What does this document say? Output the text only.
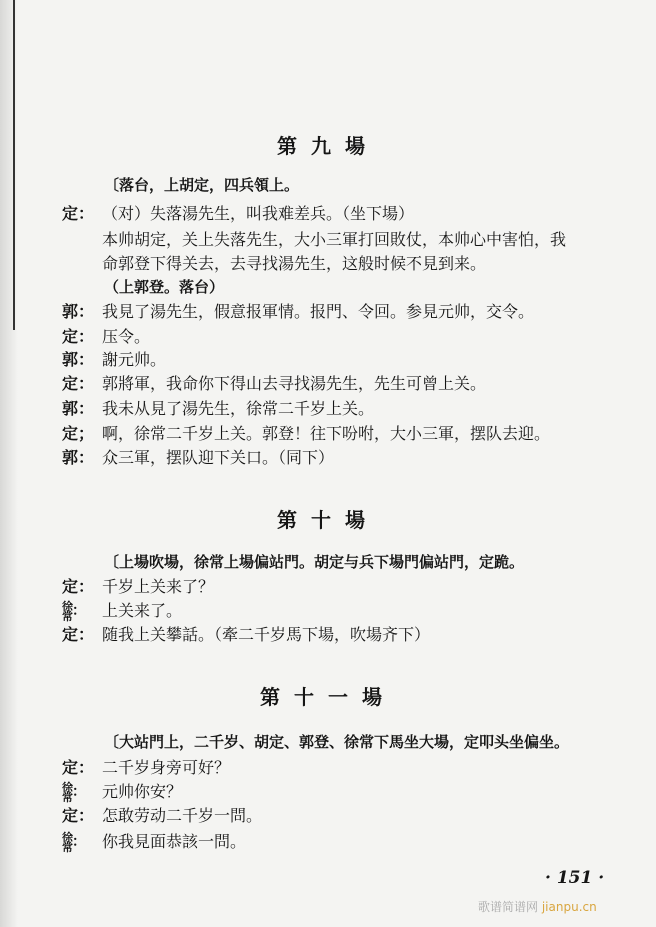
第九場
〔落台，上胡定，四兵領上。
定： （对）失落湯先生，叫我难差兵。（坐下場）
本帅胡定，关上失落先生，大小三軍打回敗仗，本帅心中害怕，我
命郭登下得关去，去寻找湯先生，这般时候不見到来。
（上郭登。落台）
郭： 我見了湯先生，假意报軍情。报門、令回。参見元帅，交令。
定： 压令。
郭： 謝元帅。
定： 郭將軍，我命你下得山去寻找湯先生，先生可曾上关。
郭： 我未从見了湯先生，徐常二千岁上关。
定； 啊，徐常二千岁上关。郭登！往下吩咐，大小三軍，摆队去迎。
郭： 众三軍，摆队迎下关口。（同下）
第十場
〔上場吹場，徐常上場偏站門。胡定与兵下場門偏站門，定跪。
定： 千岁上关来了？
徐
常 ： 上关来了。
定： 随我上关攀話。（牽二千岁馬下場，吹場齐下）
第十一場
〔大站門上，二千岁、胡定、郭登、徐常下馬坐大場，定叩头坐偏坐。
定： 二千岁身旁可好？
徐
常 ： 元帅你安？
定： 怎敢劳动二千岁一問。
徐
常 ： 你我見面恭該一問。
· 151 ·
歌谱简谱网 jianpu.cn
